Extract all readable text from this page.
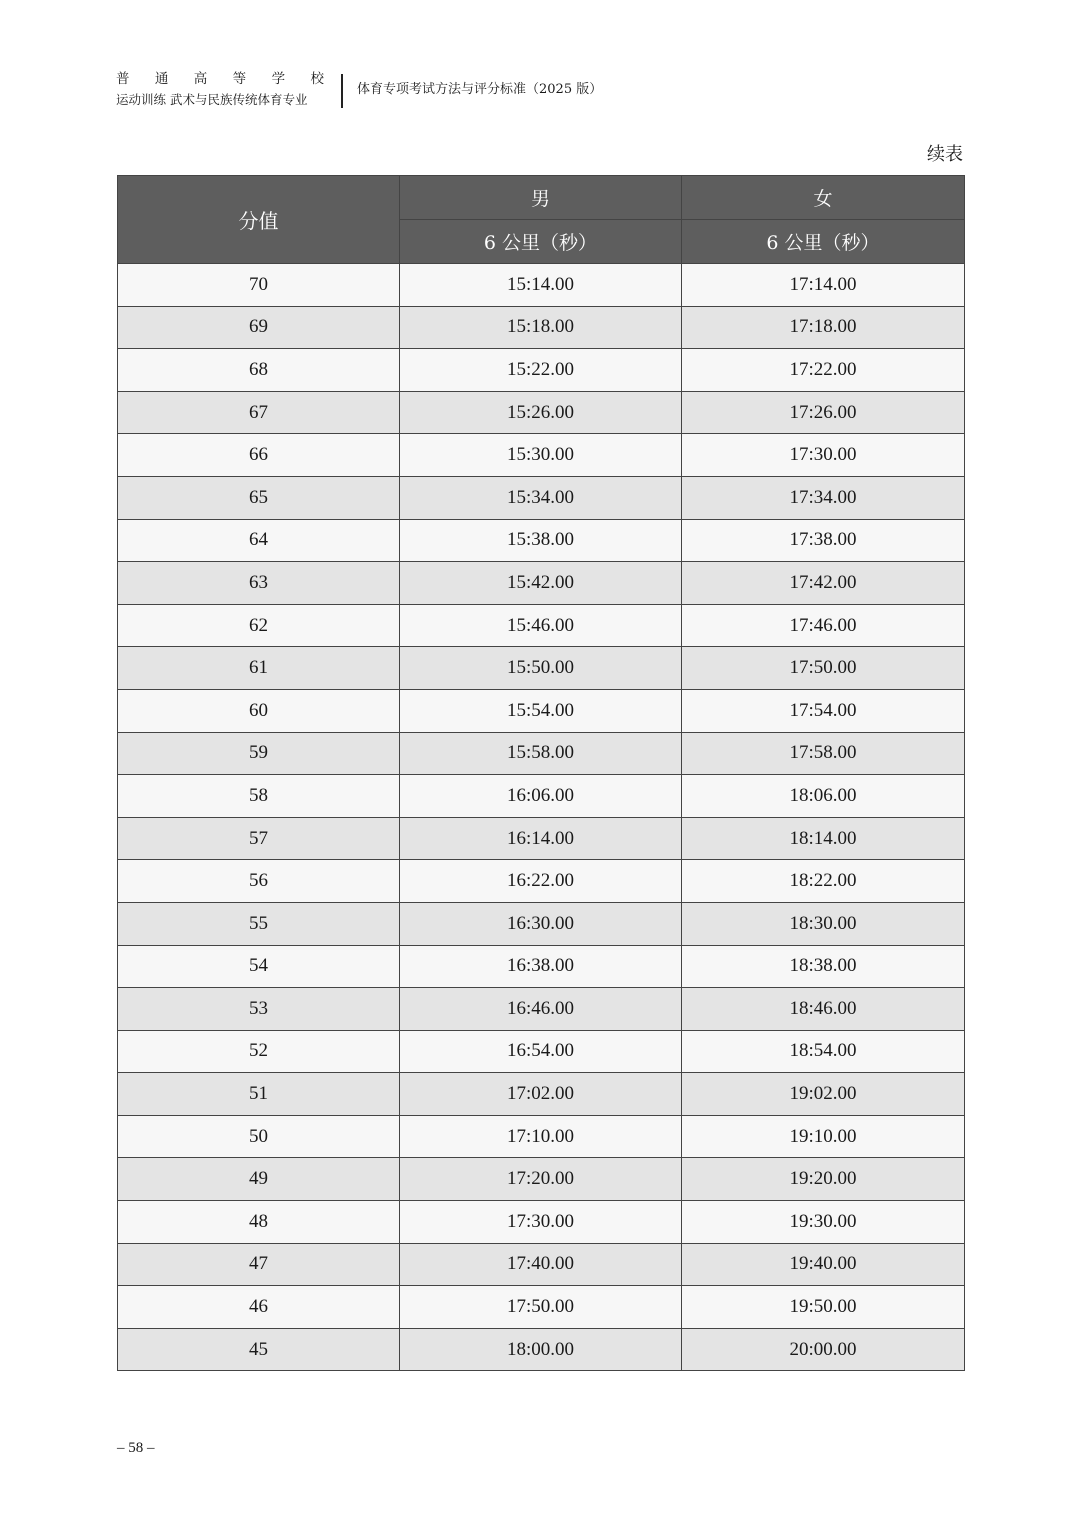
普 通 高 等 学 校
运动训练 武术与民族传统体育专业
体育专项考试方法与评分标准（2025 版）
续表
分值	男	女
	6 公里（秒）	6 公里（秒）
70	15:14.00	17:14.00
69	15:18.00	17:18.00
68	15:22.00	17:22.00
67	15:26.00	17:26.00
66	15:30.00	17:30.00
65	15:34.00	17:34.00
64	15:38.00	17:38.00
63	15:42.00	17:42.00
62	15:46.00	17:46.00
61	15:50.00	17:50.00
60	15:54.00	17:54.00
59	15:58.00	17:58.00
58	16:06.00	18:06.00
57	16:14.00	18:14.00
56	16:22.00	18:22.00
55	16:30.00	18:30.00
54	16:38.00	18:38.00
53	16:46.00	18:46.00
52	16:54.00	18:54.00
51	17:02.00	19:02.00
50	17:10.00	19:10.00
49	17:20.00	19:20.00
48	17:30.00	19:30.00
47	17:40.00	19:40.00
46	17:50.00	19:50.00
45	18:00.00	20:00.00
– 58 –
